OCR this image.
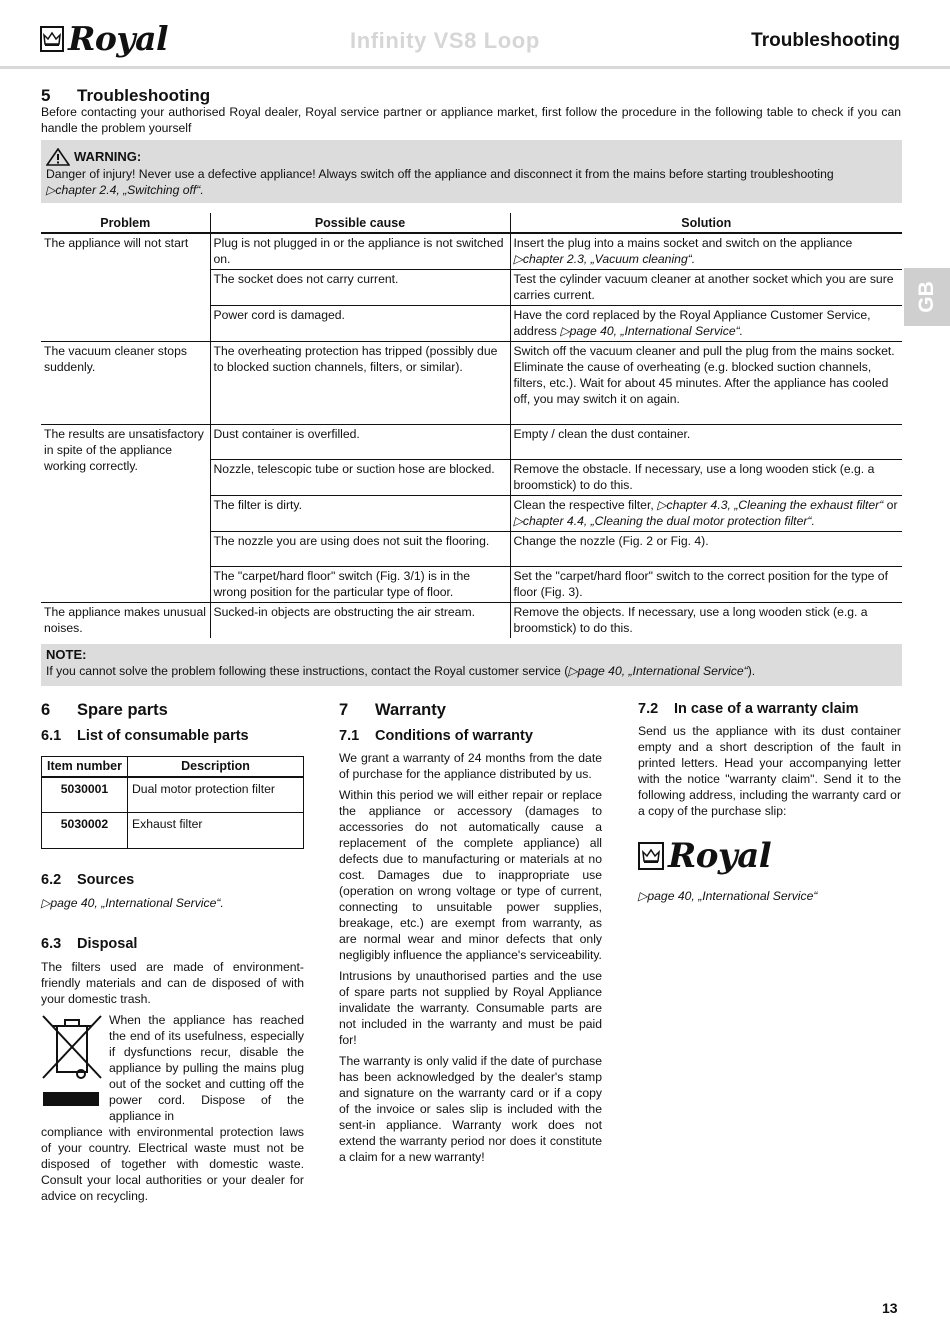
Royal	Infinity VS8 Loop	Troubleshooting
GB
5 Troubleshooting
Before contacting your authorised Royal dealer, Royal service partner or appliance market, first follow the procedure in the following table to check if you can handle the problem yourself
WARNING:
Danger of injury! Never use a defective appliance! Always switch off the appliance and disconnect it from the mains before starting troubleshooting
▷chapter 2.4, „Switching off“.
Problem	Possible cause	Solution
The appliance will not start	Plug is not plugged in or the appliance is not switched on.	Insert the plug into a mains socket and switch on the appliance
▷chapter 2.3, „Vacuum cleaning“.
	The socket does not carry current.	Test the cylinder vacuum cleaner at another socket which you are sure carries current.
	Power cord is damaged.	Have the cord replaced by the Royal Appliance Customer Service, address ▷page 40, „International Service“.
The vacuum cleaner stops suddenly.	The overheating protection has tripped (possibly due to blocked suction channels, filters, or similar).	Switch off the vacuum cleaner and pull the plug from the mains socket.
Eliminate the cause of overheating (e.g. blocked suction channels, filters, etc.). Wait for about 45 minutes. After the appliance has cooled off, you may switch it on again.
The results are unsatisfactory in spite of the appliance working correctly.	Dust container is overfilled.	Empty / clean the dust container.
	Nozzle, telescopic tube or suction hose are blocked.	Remove the obstacle. If necessary, use a long wooden stick (e.g. a broomstick) to do this.
	The filter is dirty.	Clean the respective filter, ▷chapter 4.3, „Cleaning the exhaust filter“ or ▷chapter 4.4, „Cleaning the dual motor protection filter“.
	The nozzle you are using does not suit the flooring.	Change the nozzle (Fig. 2 or Fig. 4).
	The "carpet/hard floor" switch (Fig. 3/1) is in the wrong position for the particular type of floor.	Set the "carpet/hard floor" switch to the correct position for the type of floor (Fig. 3).
The appliance makes unusual noises.	Sucked-in objects are obstructing the air stream.	Remove the objects. If necessary, use a long wooden stick (e.g. a broomstick) to do this.
NOTE:
If you cannot solve the problem following these instructions, contact the Royal customer service (▷page 40, „International Service“).
6	Spare parts
6.1	List of consumable parts
Item number	Description
5030001	Dual motor protection filter
5030002	Exhaust filter
6.2	Sources
▷page 40, „International Service“.
6.3	Disposal
The filters used are made of environment-friendly materials and can de disposed of with your domestic trash.
When the appliance has reached the end of its usefulness, especially if dysfunctions recur, disable the appliance by pulling the mains plug out of the socket and cutting off the power cord. Dispose of the appliance in
compliance with environmental protection laws of your country. Electrical waste must not be disposed of together with domestic waste. Consult your local authorities or your dealer for advice on recycling.
7	Warranty
7.1	Conditions of warranty
We grant a warranty of 24 months from the date of purchase for the appliance distributed by us.
Within this period we will either repair or replace the appliance or accessory (damages to accessories do not automatically cause a replacement of the complete appliance) all defects due to manufacturing or materials at no cost. Damages due to inappropriate use (operation on wrong voltage or type of current, connecting to unsuitable power supplies, breakage, etc.) are exempt from warranty, as are normal wear and minor defects that only negligibly influence the appliance's serviceability.
Intrusions by unauthorised parties and the use of spare parts not supplied by Royal Appliance invalidate the warranty. Consumable parts are not included in the warranty and must be paid for!
The warranty is only valid if the date of purchase has been acknowledged by the dealer's stamp and signature on the warranty card or if a copy of the invoice or sales slip is included with the sent-in appliance. Warranty work does not extend the warranty period nor does it constitute a claim for a new warranty!
7.2	In case of a warranty claim
Send us the appliance with its dust container empty and a short description of the fault in printed letters. Head your accompanying letter with the notice "warranty claim". Send it to the following address, including the warranty card or a copy of the purchase slip:
Royal
▷page 40, „International Service“
13
